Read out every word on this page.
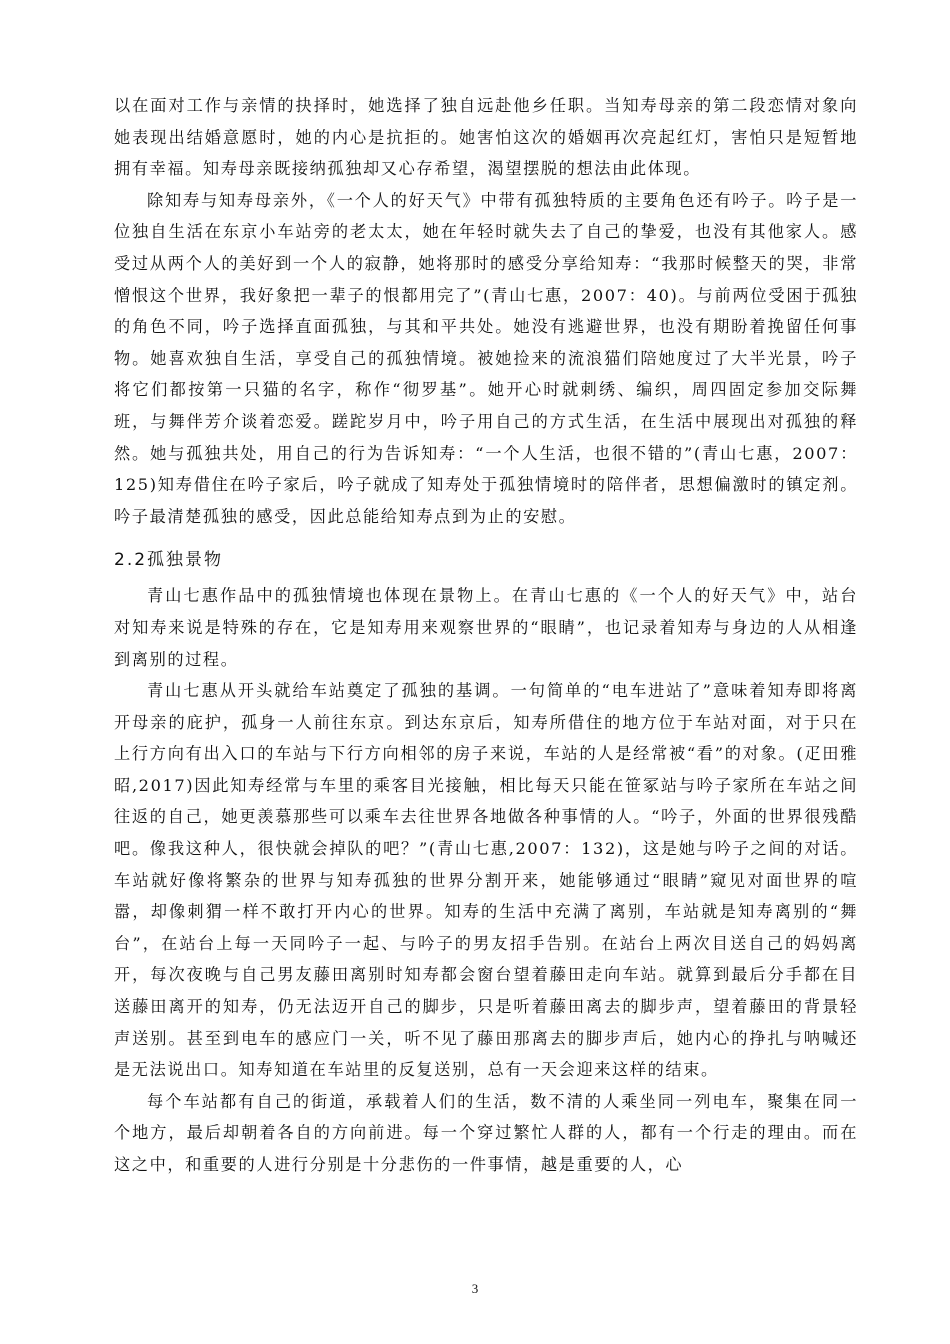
以在面对工作与亲情的抉择时，她选择了独自远赴他乡任职。当知寿母亲的第二段恋情对象向她表现出结婚意愿时，她的内心是抗拒的。她害怕这次的婚姻再次亮起红灯，害怕只是短暂地拥有幸福。知寿母亲既接纳孤独却又心存希望，渴望摆脱的想法由此体现。

除知寿与知寿母亲外，《一个人的好天气》中带有孤独特质的主要角色还有吟子。吟子是一位独自生活在东京小车站旁的老太太，她在年轻时就失去了自己的挚爱，也没有其他家人。感受过从两个人的美好到一个人的寂静，她将那时的感受分享给知寿：“我那时候整天的哭，非常憎恨这个世界，我好象把一辈子的恨都用完了”(青山七惠，2007：40)。与前两位受困于孤独的角色不同，吟子选择直面孤独，与其和平共处。她没有逃避世界，也没有期盼着挽留任何事物。她喜欢独自生活，享受自己的孤独情境。被她捡来的流浪猫们陪她度过了大半光景，吟子将它们都按第一只猫的名字，称作“彻罗基”。她开心时就刺绣、编织，周四固定参加交际舞班，与舞伴芳介谈着恋爱。蹉跎岁月中，吟子用自己的方式生活，在生活中展现出对孤独的释然。她与孤独共处，用自己的行为告诉知寿：“一个人生活，也很不错的”(青山七惠，2007：125)知寿借住在吟子家后，吟子就成了知寿处于孤独情境时的陪伴者，思想偏激时的镇定剂。吟子最清楚孤独的感受，因此总能给知寿点到为止的安慰。

2.2孤独景物

青山七惠作品中的孤独情境也体现在景物上。在青山七惠的《一个人的好天气》中，站台对知寿来说是特殊的存在，它是知寿用来观察世界的“眼睛”，也记录着知寿与身边的人从相逢到离别的过程。

青山七惠从开头就给车站奠定了孤独的基调。一句简单的“电车进站了”意味着知寿即将离开母亲的庇护，孤身一人前往东京。到达东京后，知寿所借住的地方位于车站对面，对于只在上行方向有出入口的车站与下行方向相邻的房子来说，车站的人是经常被“看”的对象。(疋田雅昭,2017)因此知寿经常与车里的乘客目光接触，相比每天只能在笹冢站与吟子家所在车站之间往返的自己，她更羡慕那些可以乘车去往世界各地做各种事情的人。“吟子，外面的世界很残酷吧。像我这种人，很快就会掉队的吧？”(青山七惠,2007：132)，这是她与吟子之间的对话。车站就好像将繁杂的世界与知寿孤独的世界分割开来，她能够通过“眼睛”窥见对面世界的喧嚣，却像刺猬一样不敢打开内心的世界。知寿的生活中充满了离别，车站就是知寿离别的“舞台”，在站台上每一天同吟子一起、与吟子的男友招手告别。在站台上两次目送自己的妈妈离开，每次夜晚与自己男友藤田离别时知寿都会窗台望着藤田走向车站。就算到最后分手都在目送藤田离开的知寿，仍无法迈开自己的脚步，只是听着藤田离去的脚步声，望着藤田的背景轻声送别。甚至到电车的感应门一关，听不见了藤田那离去的脚步声后，她内心的挣扎与呐喊还是无法说出口。知寿知道在车站里的反复送别，总有一天会迎来这样的结束。

每个车站都有自己的街道，承载着人们的生活，数不清的人乘坐同一列电车，聚集在同一个地方，最后却朝着各自的方向前进。每一个穿过繁忙人群的人，都有一个行走的理由。而在这之中，和重要的人进行分别是十分悲伤的一件事情，越是重要的人，心

3
